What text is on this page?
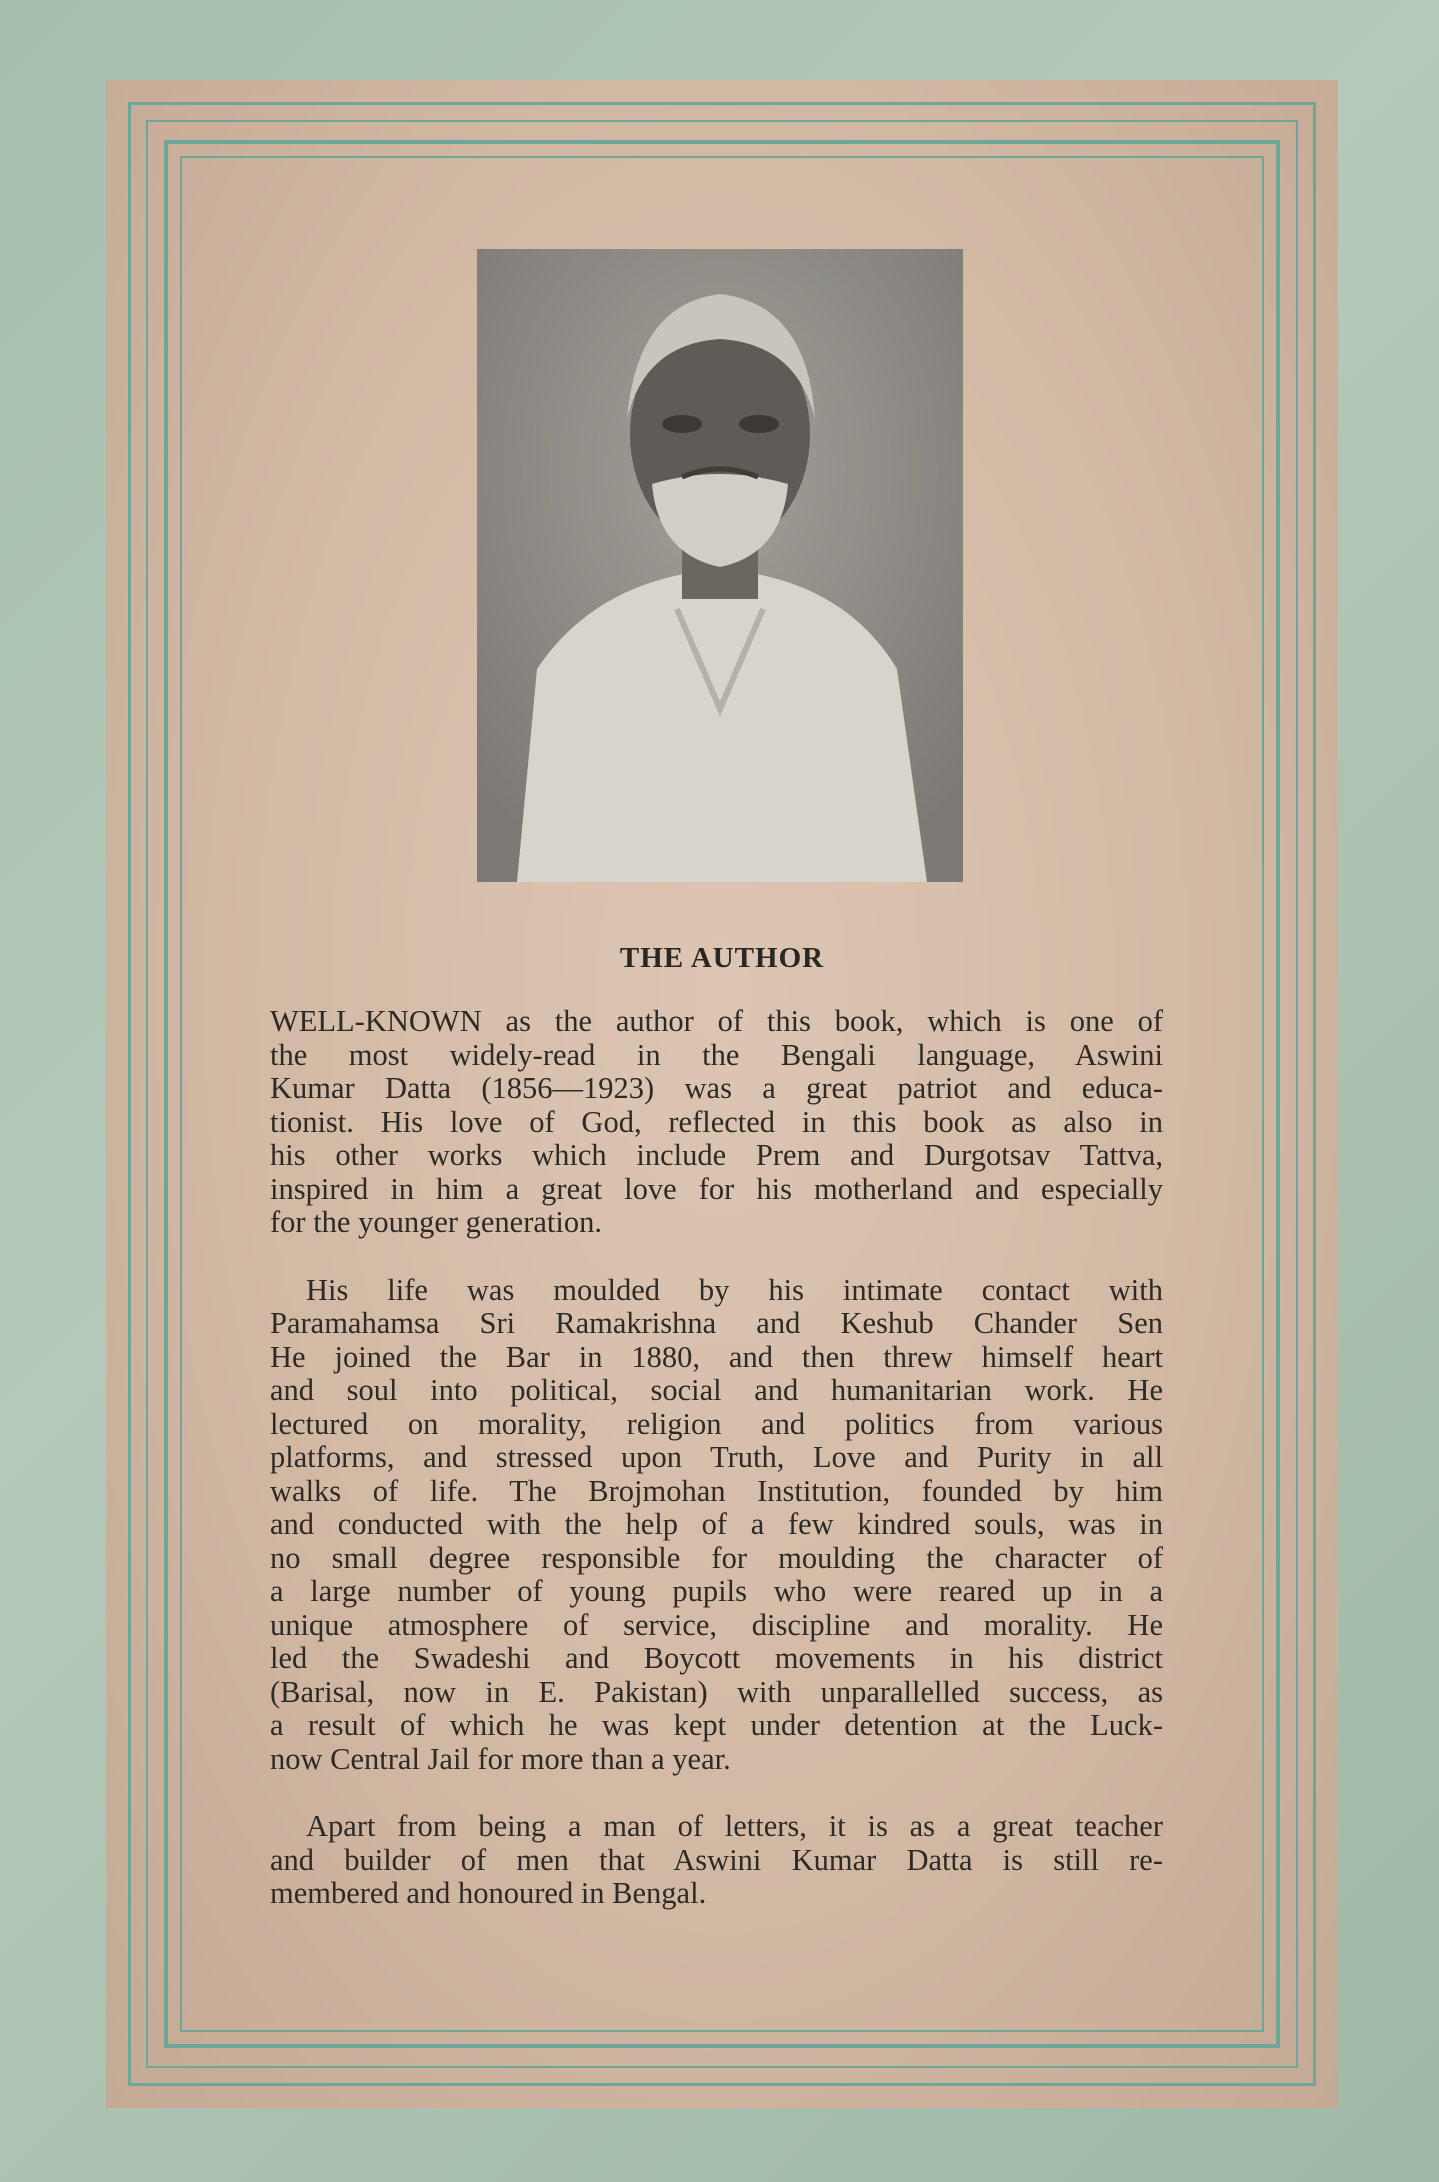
THE AUTHOR

WELL-KNOWN as the author of this book, which is one of
the most widely-read in the Bengali language, Aswini
Kumar Datta (1856—1923) was a great patriot and educa-
tionist. His love of God, reflected in this book as also in
his other works which include Prem and Durgotsav Tattva,
inspired in him a great love for his motherland and especially
for the younger generation.

His life was moulded by his intimate contact with
Paramahamsa Sri Ramakrishna and Keshub Chander Sen
He joined the Bar in 1880, and then threw himself heart
and soul into political, social and humanitarian work. He
lectured on morality, religion and politics from various
platforms, and stressed upon Truth, Love and Purity in all
walks of life. The Brojmohan Institution, founded by him
and conducted with the help of a few kindred souls, was in
no small degree responsible for moulding the character of
a large number of young pupils who were reared up in a
unique atmosphere of service, discipline and morality. He
led the Swadeshi and Boycott movements in his district
(Barisal, now in E. Pakistan) with unparallelled success, as
a result of which he was kept under detention at the Luck-
now Central Jail for more than a year.

Apart from being a man of letters, it is as a great teacher
and builder of men that Aswini Kumar Datta is still re-
membered and honoured in Bengal.
